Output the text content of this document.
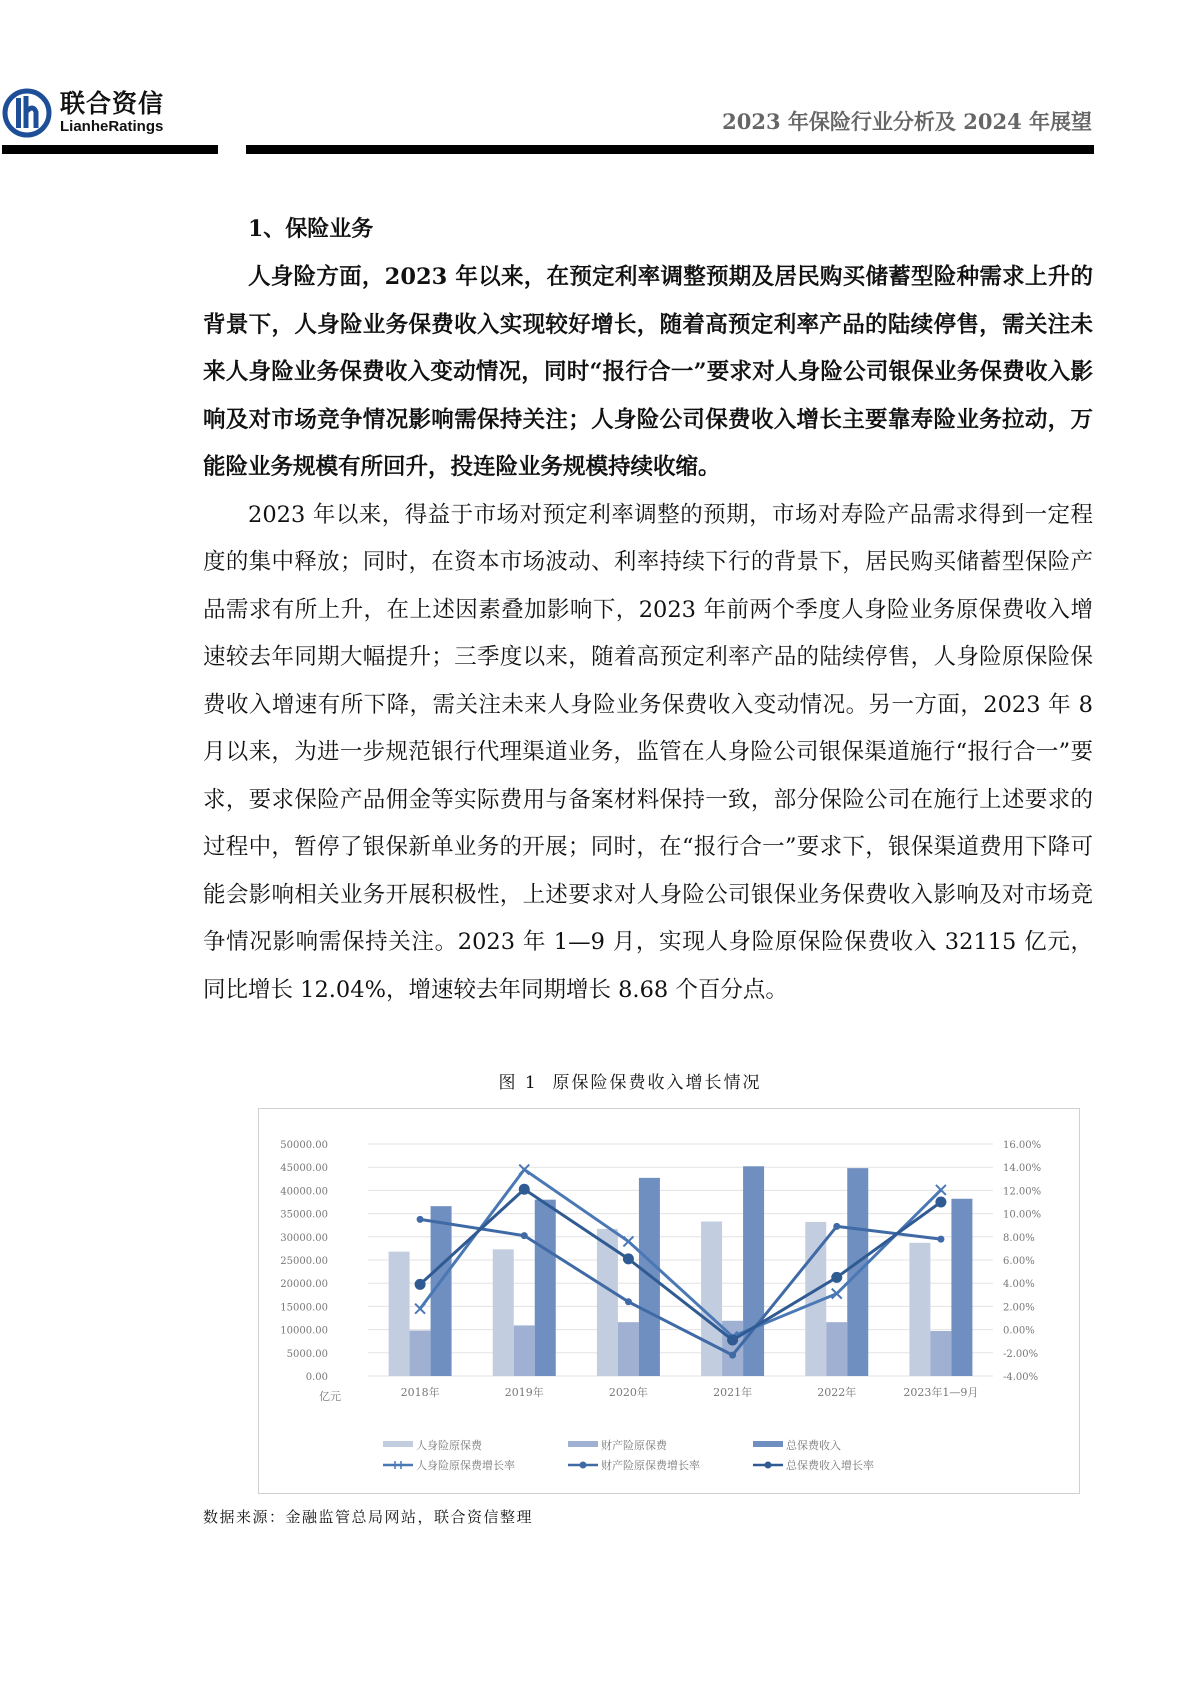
联合资信
LianheRatings	2023 年保险行业分析及 2024 年展望
1、保险业务

人身险方面，2023 年以来，在预定利率调整预期及居民购买储蓄型险种需求上升的背景下，人身险业务保费收入实现较好增长，随着高预定利率产品的陆续停售，需关注未来人身险业务保费收入变动情况，同时“报行合一”要求对人身险公司银保业务保费收入影响及对市场竞争情况影响需保持关注；人身险公司保费收入增长主要靠寿险业务拉动，万能险业务规模有所回升，投连险业务规模持续收缩。

2023 年以来，得益于市场对预定利率调整的预期，市场对寿险产品需求得到一定程度的集中释放；同时，在资本市场波动、利率持续下行的背景下，居民购买储蓄型保险产品需求有所上升，在上述因素叠加影响下，2023 年前两个季度人身险业务原保费收入增速较去年同期大幅提升；三季度以来，随着高预定利率产品的陆续停售，人身险原保险保费收入增速有所下降，需关注未来人身险业务保费收入变动情况。另一方面，2023 年 8 月以来，为进一步规范银行代理渠道业务，监管在人身险公司银保渠道施行“报行合一”要求，要求保险产品佣金等实际费用与备案材料保持一致，部分保险公司在施行上述要求的过程中，暂停了银保新单业务的开展；同时，在“报行合一”要求下，银保渠道费用下降可能会影响相关业务开展积极性，上述要求对人身险公司银保业务保费收入影响及对市场竞争情况影响需保持关注。2023 年 1—9 月，实现人身险原保险保费收入 32115 亿元，同比增长 12.04%，增速较去年同期增长 8.68 个百分点。

图 1 原保险保费收入增长情况
0.00
5000.00
10000.00
15000.00
20000.00
25000.00
30000.00
35000.00
40000.00
45000.00
50000.00
-4.00%
-2.00%
0.00%
2.00%
4.00%
6.00%
8.00%
10.00%
12.00%
14.00%
16.00%
亿元	2018年	2019年	2020年	2021年	2022年	2023年1—9月
人身险原保费	财产险原保费	总保费收入
人身险原保费增长率	财产险原保费增长率	总保费收入增长率
数据来源：金融监管总局网站，联合资信整理
